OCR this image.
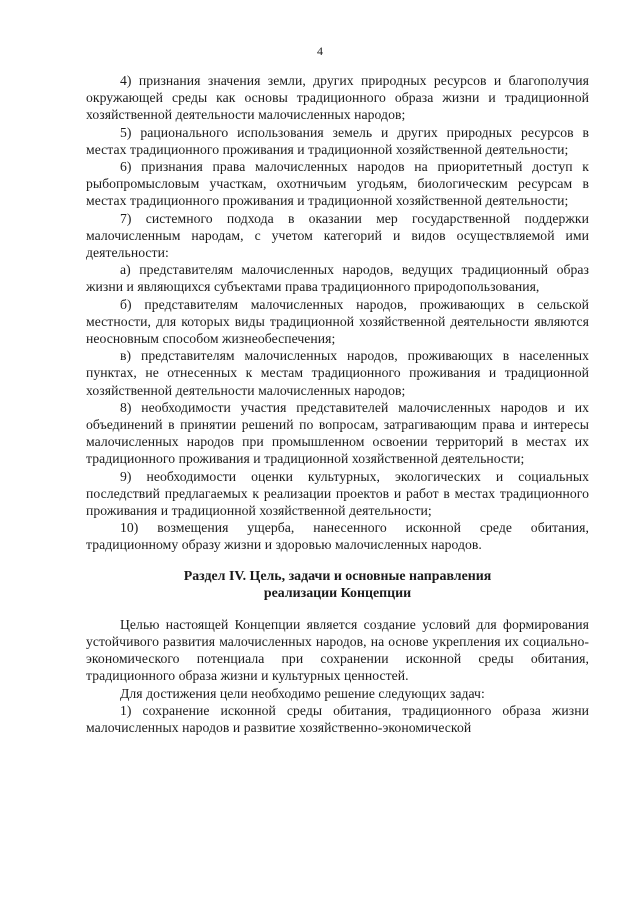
4

4) признания значения земли, других природных ресурсов и благополучия окружающей среды как основы традиционного образа жизни и традиционной хозяйственной деятельности малочисленных народов;

5) рационального использования земель и других природных ресурсов в местах традиционного проживания и традиционной хозяйственной деятельности;

6) признания права малочисленных народов на приоритетный доступ к рыбопромысловым участкам, охотничьим угодьям, биологическим ресурсам в местах традиционного проживания и традиционной хозяйственной деятельности;

7) системного подхода в оказании мер государственной поддержки малочисленным народам, с учетом категорий и видов осуществляемой ими деятельности:

а) представителям малочисленных народов, ведущих традиционный образ жизни и являющихся субъектами права традиционного природопользования,

б) представителям малочисленных народов, проживающих в сельской местности, для которых виды традиционной хозяйственной деятельности являются неосновным способом жизнеобеспечения;

в) представителям малочисленных народов, проживающих в населенных пунктах, не отнесенных к местам традиционного проживания и традиционной хозяйственной деятельности малочисленных народов;

8) необходимости участия представителей малочисленных народов и их объединений в принятии решений по вопросам, затрагивающим права и интересы малочисленных народов при промышленном освоении территорий в местах их традиционного проживания и традиционной хозяйственной деятельности;

9) необходимости оценки культурных, экологических и социальных последствий предлагаемых к реализации проектов и работ в местах традиционного проживания и традиционной хозяйственной деятельности;

10) возмещения ущерба, нанесенного исконной среде обитания, традиционному образу жизни и здоровью малочисленных народов.

Раздел IV. Цель, задачи и основные направления
реализации Концепции

Целью настоящей Концепции является создание условий для формирования устойчивого развития малочисленных народов, на основе укрепления их социально-экономического потенциала при сохранении исконной среды обитания, традиционного образа жизни и культурных ценностей.

Для достижения цели необходимо решение следующих задач:

1) сохранение исконной среды обитания, традиционного образа жизни малочисленных народов и развитие хозяйственно-экономической
